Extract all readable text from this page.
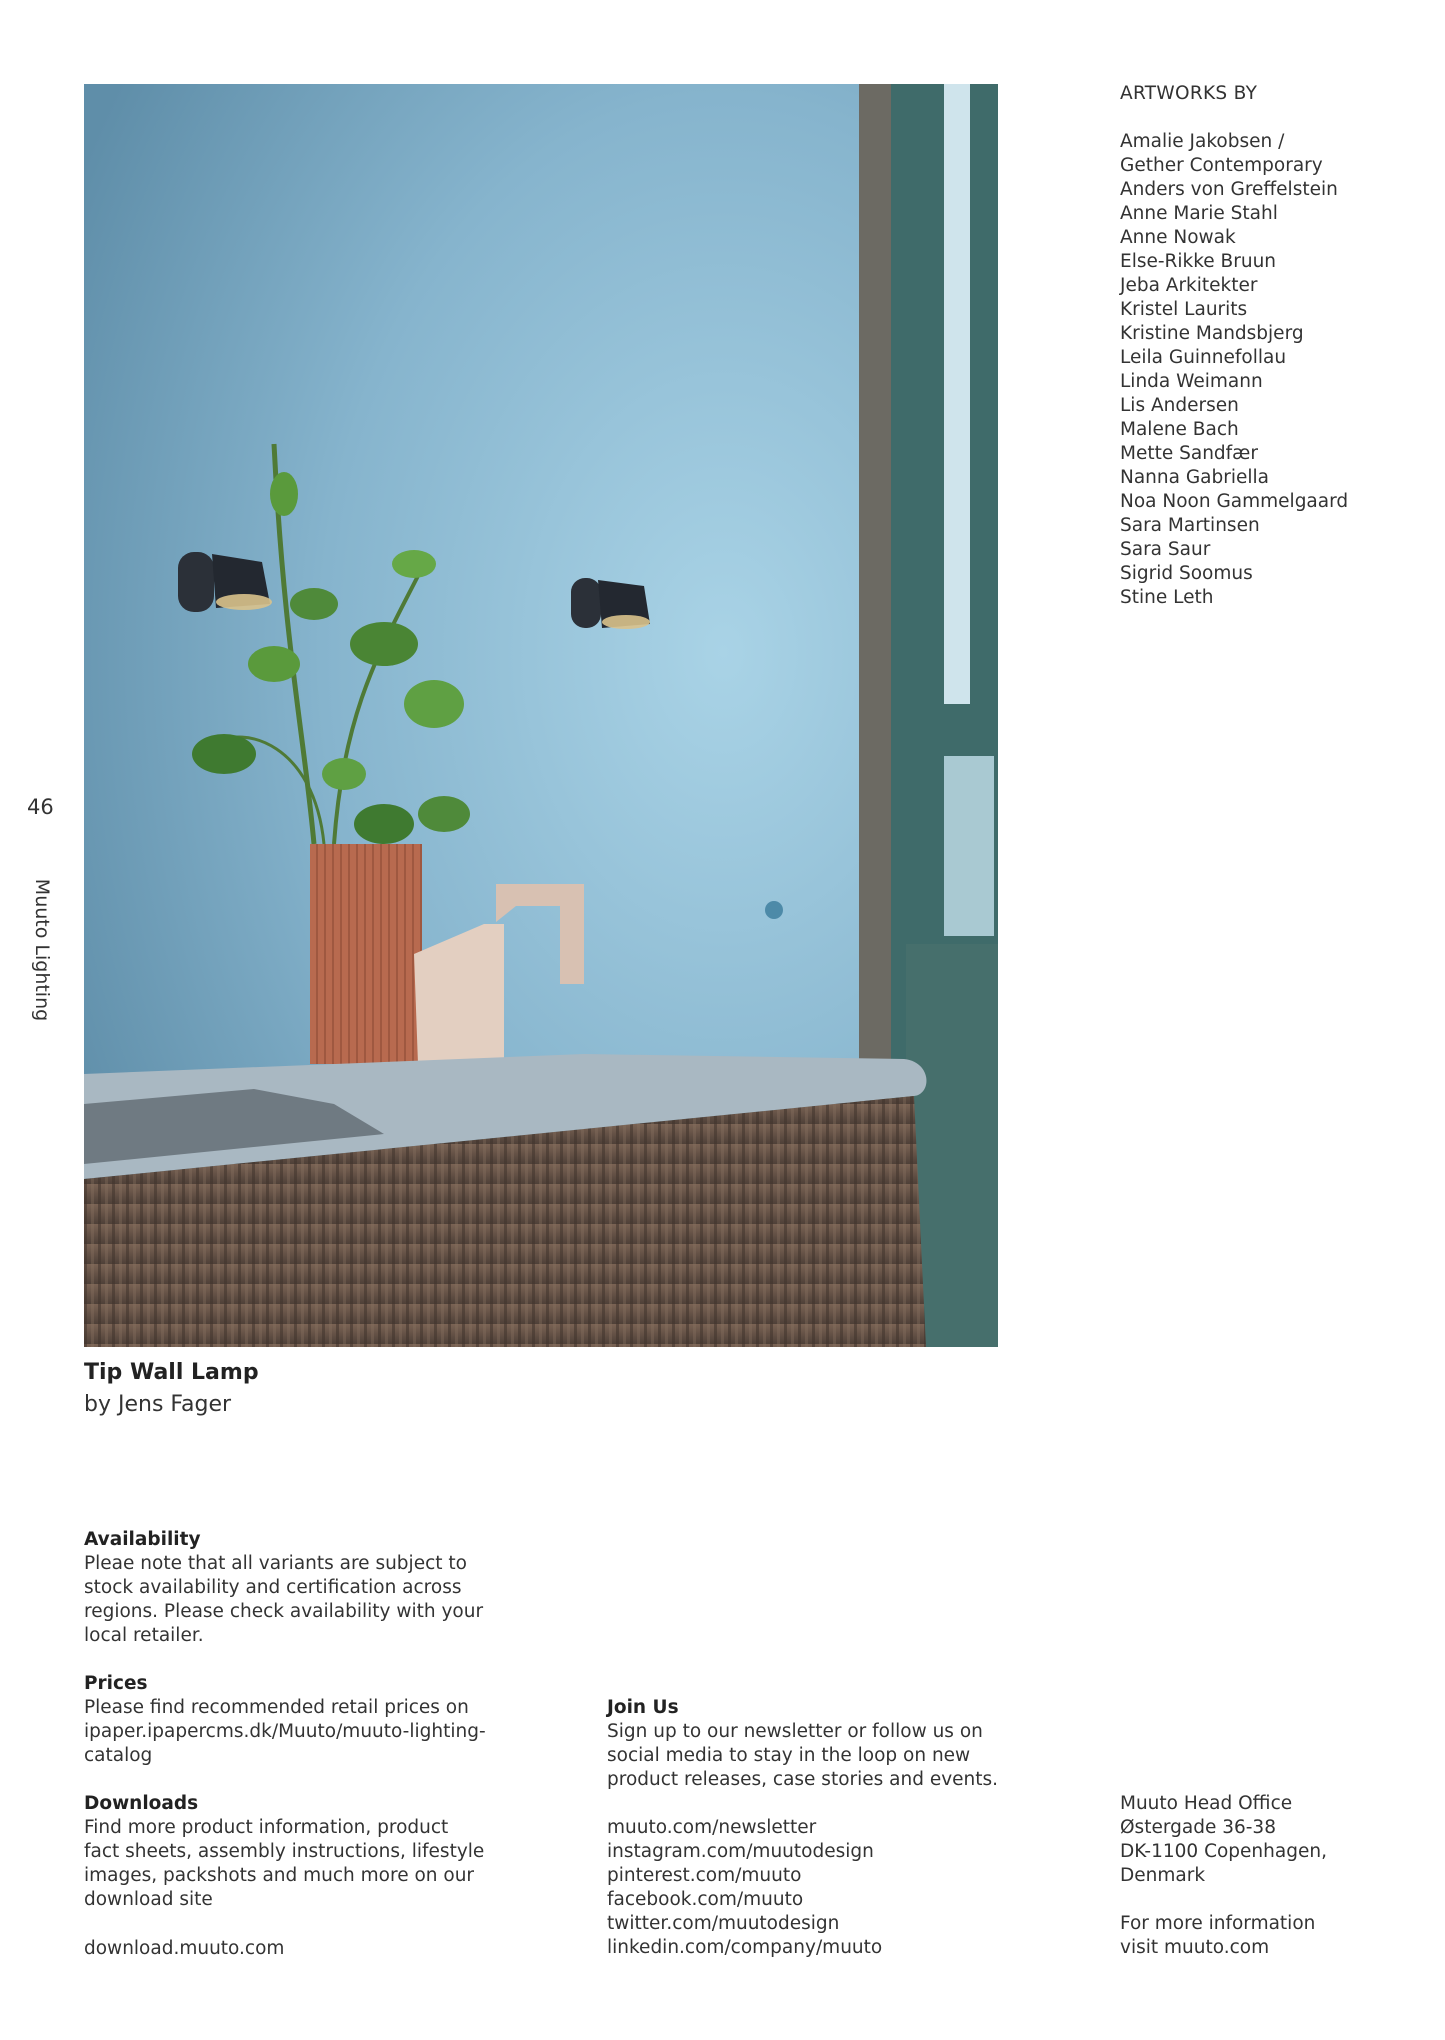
46
Muuto Lighting
Tip Wall Lamp
by Jens Fager
ARTWORKS BY
Amalie Jakobsen /
Gether Contemporary
Anders von Greffelstein
Anne Marie Stahl
Anne Nowak
Else-Rikke Bruun
Jeba Arkitekter
Kristel Laurits
Kristine Mandsbjerg
Leila Guinnefollau
Linda Weimann
Lis Andersen
Malene Bach
Mette Sandfær
Nanna Gabriella
Noa Noon Gammelgaard
Sara Martinsen
Sara Saur
Sigrid Soomus
Stine Leth

Availability

Pleae note that all variants are subject to

stock availability and certification across

regions. Please check availability with your

local retailer.

Prices

Please find recommended retail prices on

ipaper.ipapercms.dk/Muuto/muuto-lighting-

catalog

Downloads

Find more product information, product

fact sheets, assembly instructions, lifestyle

images, packshots and much more on our

download site

download.muuto.com

Join Us

Sign up to our newsletter or follow us on

social media to stay in the loop on new

product releases, case stories and events.

muuto.com/newsletter
instagram.com/muutodesign
pinterest.com/muuto
facebook.com/muuto
twitter.com/muutodesign
linkedin.com/company/muuto

Muuto Head Office

Østergade 36-38

DK-1100 Copenhagen,

Denmark

For more information

visit muuto.com
